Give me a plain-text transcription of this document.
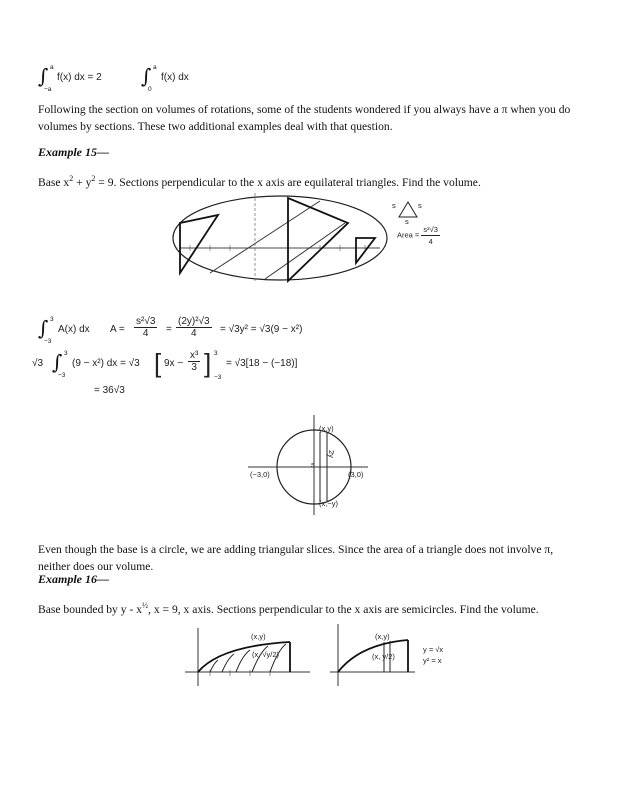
∫ a
−a
f(x) dx = 2 ∫ a
0
f(x) dx
Following the section on volumes of rotations, some of the students wondered if you always have a π when you do volumes by sections. These two additional examples deal with that question.
Example 15—
Base $x^2 + y^2 = 9$. Sections perpendicular to the x axis are equilateral triangles. Find the volume.
s	s
s
Area = $\frac{\text{s²√3}}{4}$
∫ 3
−3
A(x) dx $A = \frac{\text{s²√3}}{4} = \frac{\text{(2y)²√3}}{4} = √3y^2 = √3(9 - x^2)$
√3 ∫ 3
−3
(9 − x²) dx = √3 [ $9x - \frac{\text{x³}}{3}$ ] 3
−3
= √3[18 − (−18)]
= 36√3
(x,y)
(x,−y)
(−3,0)	(3,0)
s
2y
Even though the base is a circle, we are adding triangular slices. Since the area of a triangle does not involve π, neither does our volume.
Example 16—
Base bounded by y - $x^{\frac{1}{2}}$, x = 9, x axis. Sections perpendicular to the x axis are semicircles. Find the volume.
(x,y)
(x, √y/2)
(x,y)
(x, y/2)
y = √x
y² = x
